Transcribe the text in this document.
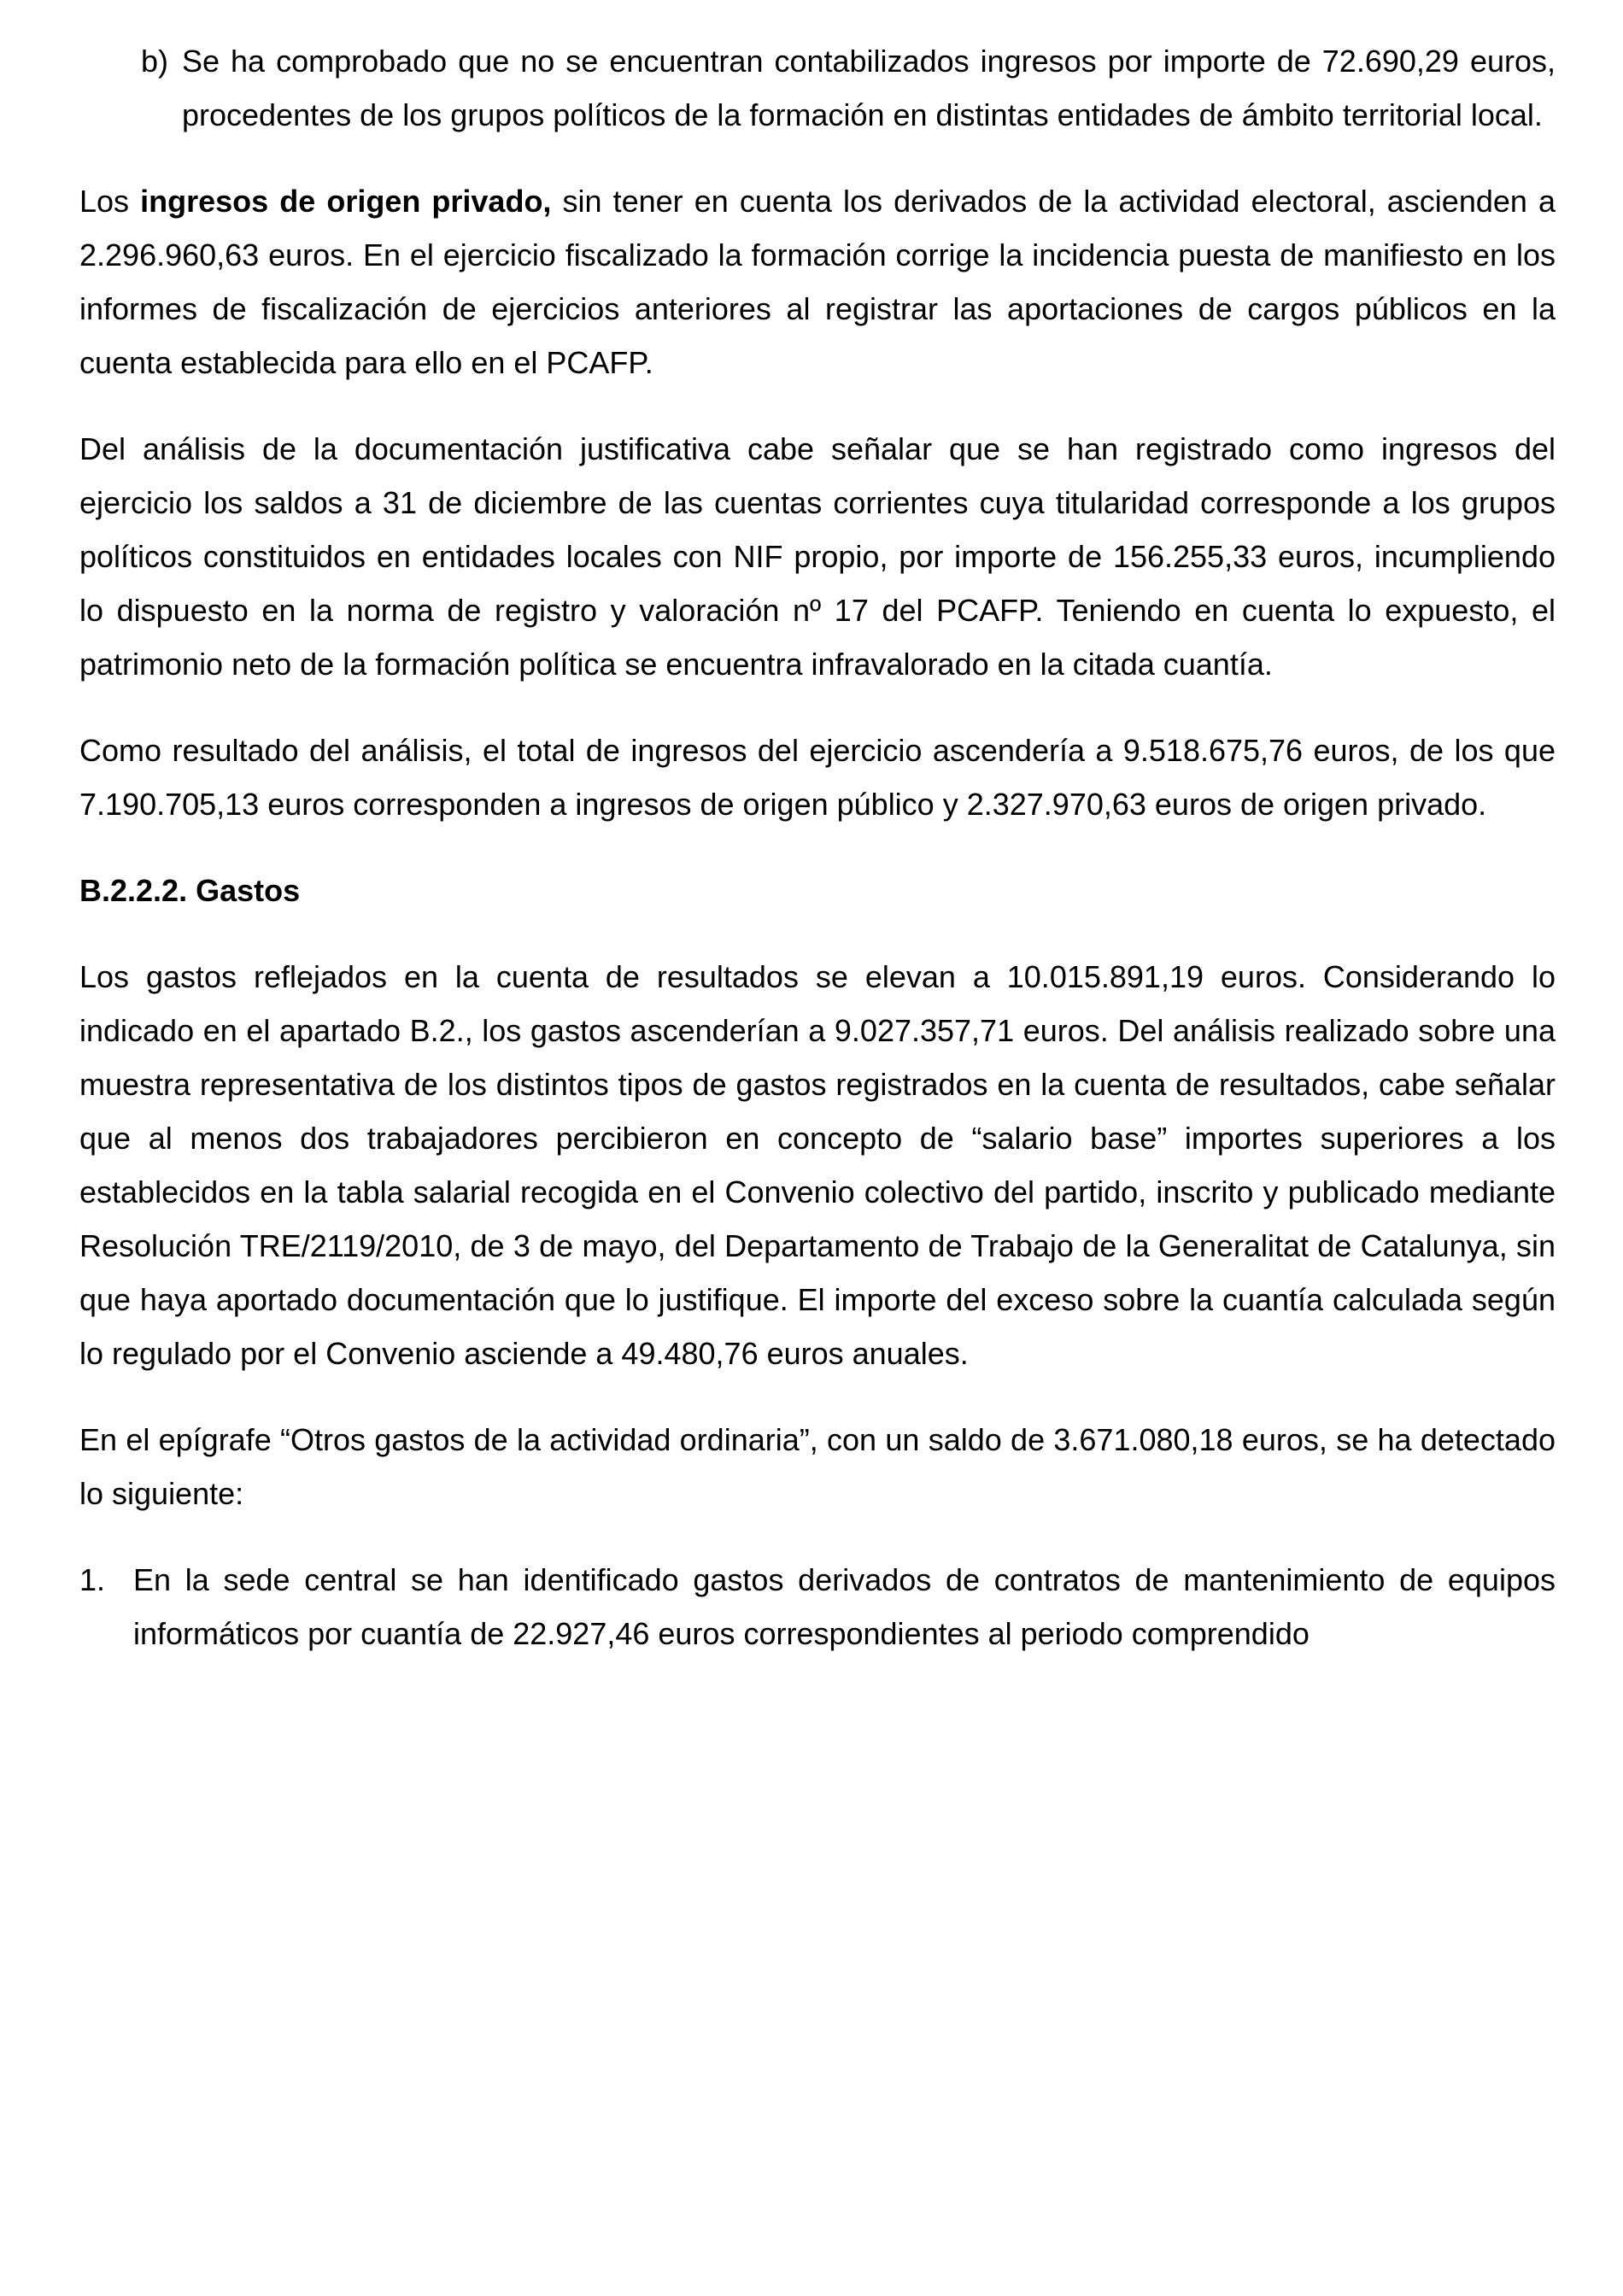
b) Se ha comprobado que no se encuentran contabilizados ingresos por importe de 72.690,29 euros, procedentes de los grupos políticos de la formación en distintas entidades de ámbito territorial local.

Los ingresos de origen privado, sin tener en cuenta los derivados de la actividad electoral, ascienden a 2.296.960,63 euros. En el ejercicio fiscalizado la formación corrige la incidencia puesta de manifiesto en los informes de fiscalización de ejercicios anteriores al registrar las aportaciones de cargos públicos en la cuenta establecida para ello en el PCAFP.

Del análisis de la documentación justificativa cabe señalar que se han registrado como ingresos del ejercicio los saldos a 31 de diciembre de las cuentas corrientes cuya titularidad corresponde a los grupos políticos constituidos en entidades locales con NIF propio, por importe de 156.255,33 euros, incumpliendo lo dispuesto en la norma de registro y valoración nº 17 del PCAFP. Teniendo en cuenta lo expuesto, el patrimonio neto de la formación política se encuentra infravalorado en la citada cuantía.

Como resultado del análisis, el total de ingresos del ejercicio ascendería a 9.518.675,76 euros, de los que 7.190.705,13 euros corresponden a ingresos de origen público y 2.327.970,63 euros de origen privado.

B.2.2.2. Gastos

Los gastos reflejados en la cuenta de resultados se elevan a 10.015.891,19 euros. Considerando lo indicado en el apartado B.2., los gastos ascenderían a 9.027.357,71 euros. Del análisis realizado sobre una muestra representativa de los distintos tipos de gastos registrados en la cuenta de resultados, cabe señalar que al menos dos trabajadores percibieron en concepto de “salario base” importes superiores a los establecidos en la tabla salarial recogida en el Convenio colectivo del partido, inscrito y publicado mediante Resolución TRE/2119/2010, de 3 de mayo, del Departamento de Trabajo de la Generalitat de Catalunya, sin que haya aportado documentación que lo justifique. El importe del exceso sobre la cuantía calculada según lo regulado por el Convenio asciende a 49.480,76 euros anuales.

En el epígrafe “Otros gastos de la actividad ordinaria”, con un saldo de 3.671.080,18 euros, se ha detectado lo siguiente:

1. En la sede central se han identificado gastos derivados de contratos de mantenimiento de equipos informáticos por cuantía de 22.927,46 euros correspondientes al periodo comprendido
